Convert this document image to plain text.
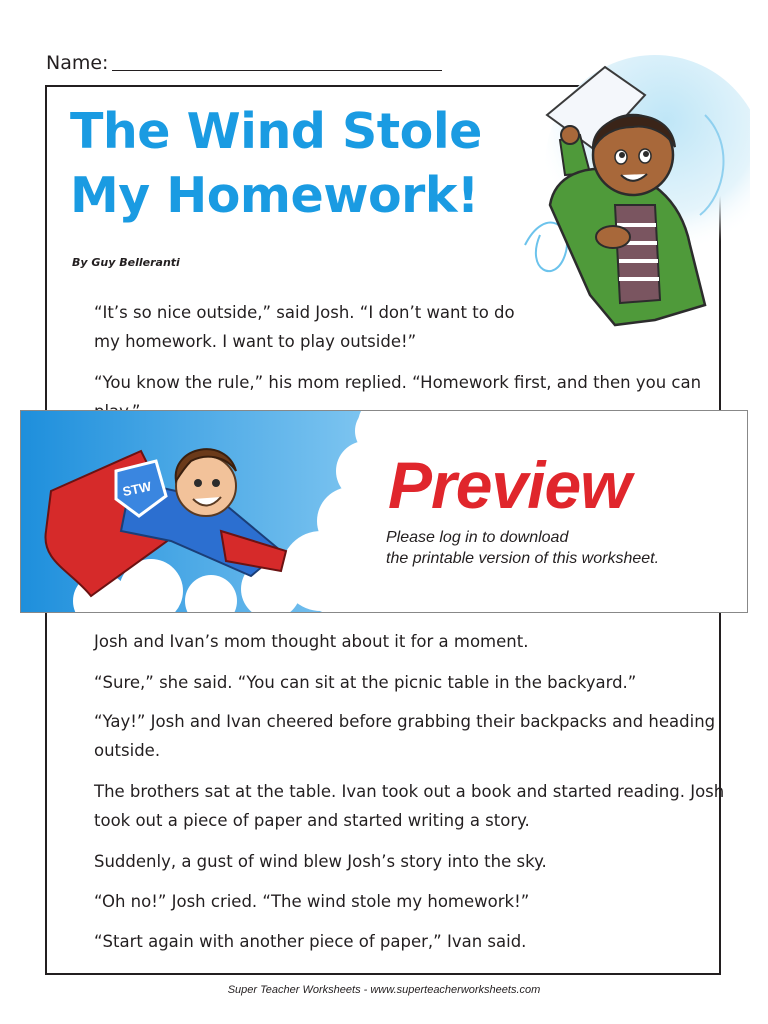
Name:
The Wind Stole
My Homework!
By Guy Belleranti

“It’s so nice outside,” said Josh. “I don’t want to do my homework. I want to play outside!”

“You know the rule,” his mom replied. “Homework first, and then you can

STW	Preview
Please log in to download
the printable version of this worksheet.

Josh and Ivan’s mom thought about it for a moment.

“Sure,” she said. “You can sit at the picnic table in the backyard.”

“Yay!” Josh and Ivan cheered before grabbing their backpacks and heading outside.

The brothers sat at the table. Ivan took out a book and started reading. Josh took out a piece of paper and started writing a story.

Suddenly, a gust of wind blew Josh’s story into the sky.

“Oh no!” Josh cried. “The wind stole my homework!”

“Start again with another piece of paper,” Ivan said.

Super Teacher Worksheets - www.superteacherworksheets.com
